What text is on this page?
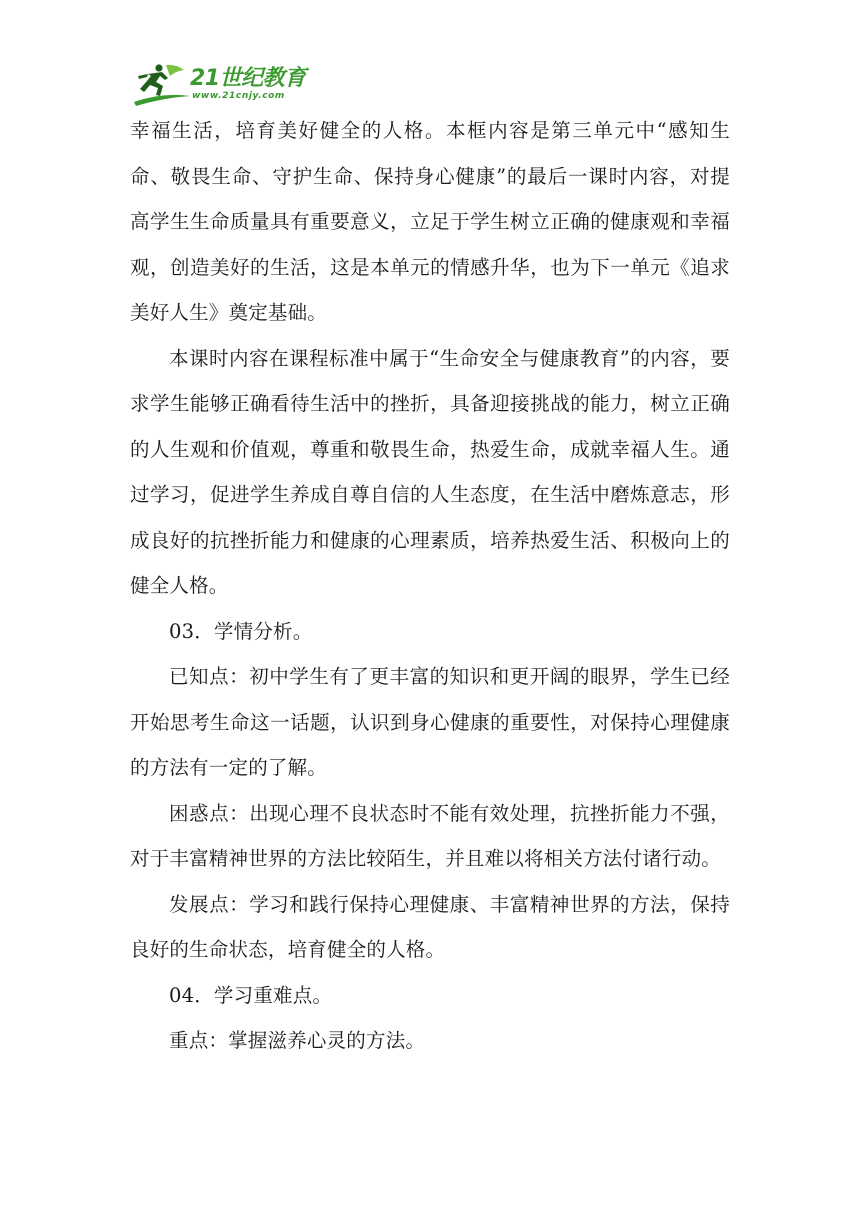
21世纪教育
www.21cnjy.com

幸福生活，培育美好健全的人格。本框内容是第三单元中“感知生命、敬畏生命、守护生命、保持身心健康”的最后一课时内容，对提高学生生命质量具有重要意义，立足于学生树立正确的健康观和幸福观，创造美好的生活，这是本单元的情感升华，也为下一单元《追求美好人生》奠定基础。

本课时内容在课程标准中属于“生命安全与健康教育”的内容，要求学生能够正确看待生活中的挫折，具备迎接挑战的能力，树立正确的人生观和价值观，尊重和敬畏生命，热爱生命，成就幸福人生。通过学习，促进学生养成自尊自信的人生态度，在生活中磨炼意志，形成良好的抗挫折能力和健康的心理素质，培养热爱生活、积极向上的健全人格。

03．学情分析。

已知点：初中学生有了更丰富的知识和更开阔的眼界，学生已经开始思考生命这一话题，认识到身心健康的重要性，对保持心理健康的方法有一定的了解。

困惑点：出现心理不良状态时不能有效处理，抗挫折能力不强，对于丰富精神世界的方法比较陌生，并且难以将相关方法付诸行动。

发展点：学习和践行保持心理健康、丰富精神世界的方法，保持良好的生命状态，培育健全的人格。

04．学习重难点。

重点：掌握滋养心灵的方法。
